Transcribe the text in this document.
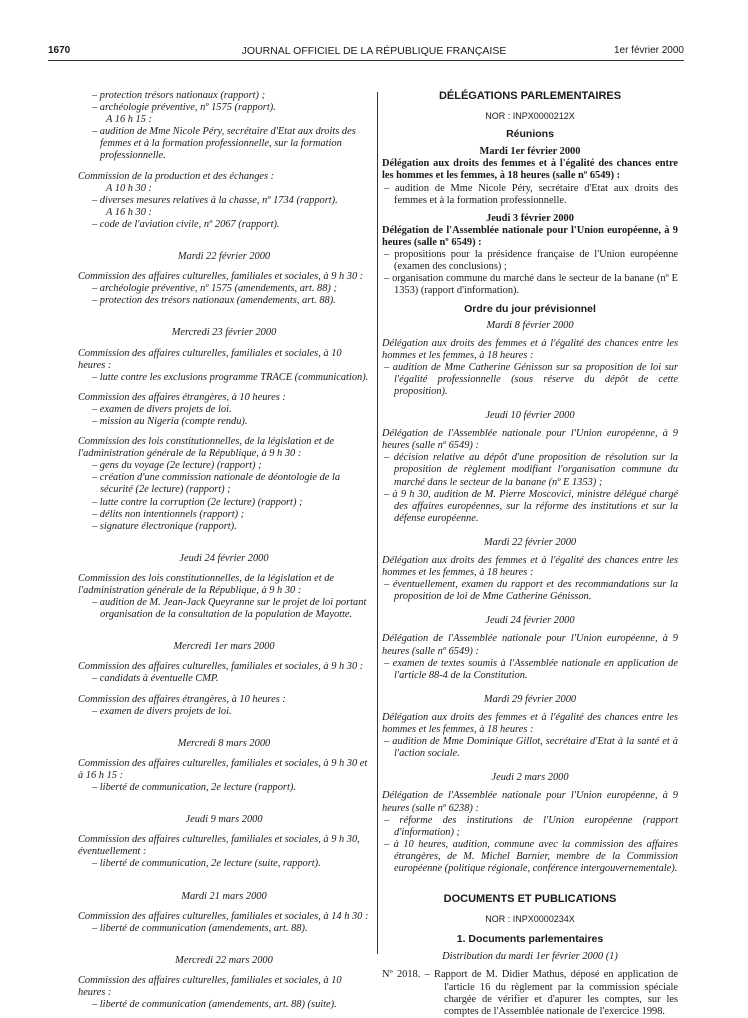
1670	JOURNAL OFFICIEL DE LA RÉPUBLIQUE FRANÇAISE	1er février 2000

– protection trésors nationaux (rapport) ;

– archéologie préventive, nº 1575 (rapport).

A 16 h 15 :

– audition de Mme Nicole Péry, secrétaire d'Etat aux droits des femmes et à la formation professionnelle, sur la formation professionnelle.

Commission de la production et des échanges :

A 10 h 30 :

– diverses mesures relatives à la chasse, nº 1734 (rapport).

A 16 h 30 :

– code de l'aviation civile, nº 2067 (rapport).

Mardi 22 février 2000

Commission des affaires culturelles, familiales et sociales, à 9 h 30 :

– archéologie préventive, nº 1575 (amendements, art. 88) ;

– protection des trésors nationaux (amendements, art. 88).

Mercredi 23 février 2000

Commission des affaires culturelles, familiales et sociales, à 10 heures :

– lutte contre les exclusions programme TRACE (communication).

Commission des affaires étrangères, à 10 heures :

– examen de divers projets de loi.

– mission au Nigeria (compte rendu).

Commission des lois constitutionnelles, de la législation et de l'administration générale de la République, à 9 h 30 :

– gens du voyage (2e lecture) (rapport) ;

– création d'une commission nationale de déontologie de la sécurité (2e lecture) (rapport) ;

– lutte contre la corruption (2e lecture) (rapport) ;

– délits non intentionnels (rapport) ;

– signature électronique (rapport).

Jeudi 24 février 2000

Commission des lois constitutionnelles, de la législation et de l'administration générale de la République, à 9 h 30 :

– audition de M. Jean-Jack Queyranne sur le projet de loi portant organisation de la consultation de la population de Mayotte.

Mercredi 1er mars 2000

Commission des affaires culturelles, familiales et sociales, à 9 h 30 :

– candidats à éventuelle CMP.

Commission des affaires étrangères, à 10 heures :

– examen de divers projets de loi.

Mercredi 8 mars 2000

Commission des affaires culturelles, familiales et sociales, à 9 h 30 et à 16 h 15 :

– liberté de communication, 2e lecture (rapport).

Jeudi 9 mars 2000

Commission des affaires culturelles, familiales et sociales, à 9 h 30, éventuellement :

– liberté de communication, 2e lecture (suite, rapport).

Mardi 21 mars 2000

Commission des affaires culturelles, familiales et sociales, à 14 h 30 :

– liberté de communication (amendements, art. 88).

Mercredi 22 mars 2000

Commission des affaires culturelles, familiales et sociales, à 10 heures :

– liberté de communication (amendements, art. 88) (suite).

DÉLÉGATIONS PARLEMENTAIRES

NOR : INPX0000212X

Réunions

Mardi 1er février 2000

Délégation aux droits des femmes et à l'égalité des chances entre les hommes et les femmes, à 18 heures (salle nº 6549) :

– audition de Mme Nicole Péry, secrétaire d'Etat aux droits des femmes et à la formation professionnelle.

Jeudi 3 février 2000

Délégation de l'Assemblée nationale pour l'Union européenne, à 9 heures (salle nº 6549) :

– propositions pour la présidence française de l'Union européenne (examen des conclusions) ;

– organisation commune du marché dans le secteur de la banane (nº E 1353) (rapport d'information).

Ordre du jour prévisionnel

Mardi 8 février 2000

Délégation aux droits des femmes et à l'égalité des chances entre les hommes et les femmes, à 18 heures :

– audition de Mme Catherine Génisson sur sa proposition de loi sur l'égalité professionnelle (sous réserve du dépôt de cette proposition).

Jeudi 10 février 2000

Délégation de l'Assemblée nationale pour l'Union européenne, à 9 heures (salle nº 6549) :

– décision relative au dépôt d'une proposition de résolution sur la proposition de règlement modifiant l'organisation commune du marché dans le secteur de la banane (nº E 1353) ;

– à 9 h 30, audition de M. Pierre Moscovici, ministre délégué chargé des affaires européennes, sur la réforme des institutions et sur la défense européenne.

Mardi 22 février 2000

Délégation aux droits des femmes et à l'égalité des chances entre les hommes et les femmes, à 18 heures :

– éventuellement, examen du rapport et des recommandations sur la proposition de loi de Mme Catherine Génisson.

Jeudi 24 février 2000

Délégation de l'Assemblée nationale pour l'Union européenne, à 9 heures (salle nº 6549) :

– examen de textes soumis à l'Assemblée nationale en application de l'article 88-4 de la Constitution.

Mardi 29 février 2000

Délégation aux droits des femmes et à l'égalité des chances entre les hommes et les femmes, à 18 heures :

– audition de Mme Dominique Gillot, secrétaire d'Etat à la santé et à l'action sociale.

Jeudi 2 mars 2000

Délégation de l'Assemblée nationale pour l'Union européenne, à 9 heures (salle nº 6238) :

– réforme des institutions de l'Union européenne (rapport d'information) ;

– à 10 heures, audition, commune avec la commission des affaires étrangères, de M. Michel Barnier, membre de la Commission européenne (politique régionale, conférence intergouvernementale).

DOCUMENTS ET PUBLICATIONS

NOR : INPX0000234X

1. Documents parlementaires

Distribution du mardi 1er février 2000 (1)

Nº 2018. – Rapport de M. Didier Mathus, déposé en application de l'article 16 du règlement par la commission spéciale chargée de vérifier et d'apurer les comptes, sur les comptes de l'Assemblée nationale de l'exercice 1998.
